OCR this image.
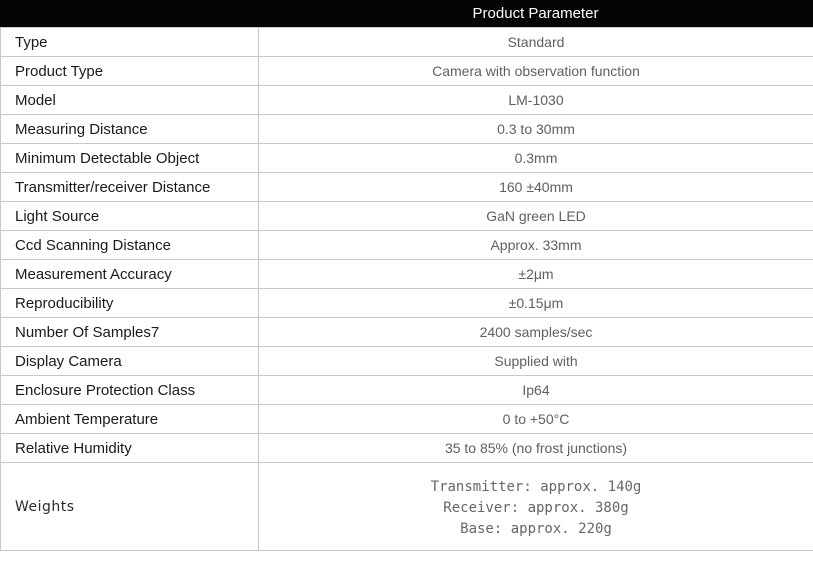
Product Parameter
Type	Standard
Product Type	Camera with observation function
Model	LM-1030
Measuring Distance	0.3 to 30mm
Minimum Detectable Object	0.3mm
Transmitter/receiver Distance	160 ±40mm
Light Source	GaN green LED
Ccd Scanning Distance	Approx. 33mm
Measurement Accuracy	±2μm
Reproducibility	±0.15μm
Number Of Samples7	2400 samples/sec
Display Camera	Supplied with
Enclosure Protection Class	Ip64
Ambient Temperature	0 to +50°C
Relative Humidity	35 to 85% (no frost junctions)
Weights	Transmitter: approx. 140g
Receiver: approx. 380g
Base: approx. 220g
